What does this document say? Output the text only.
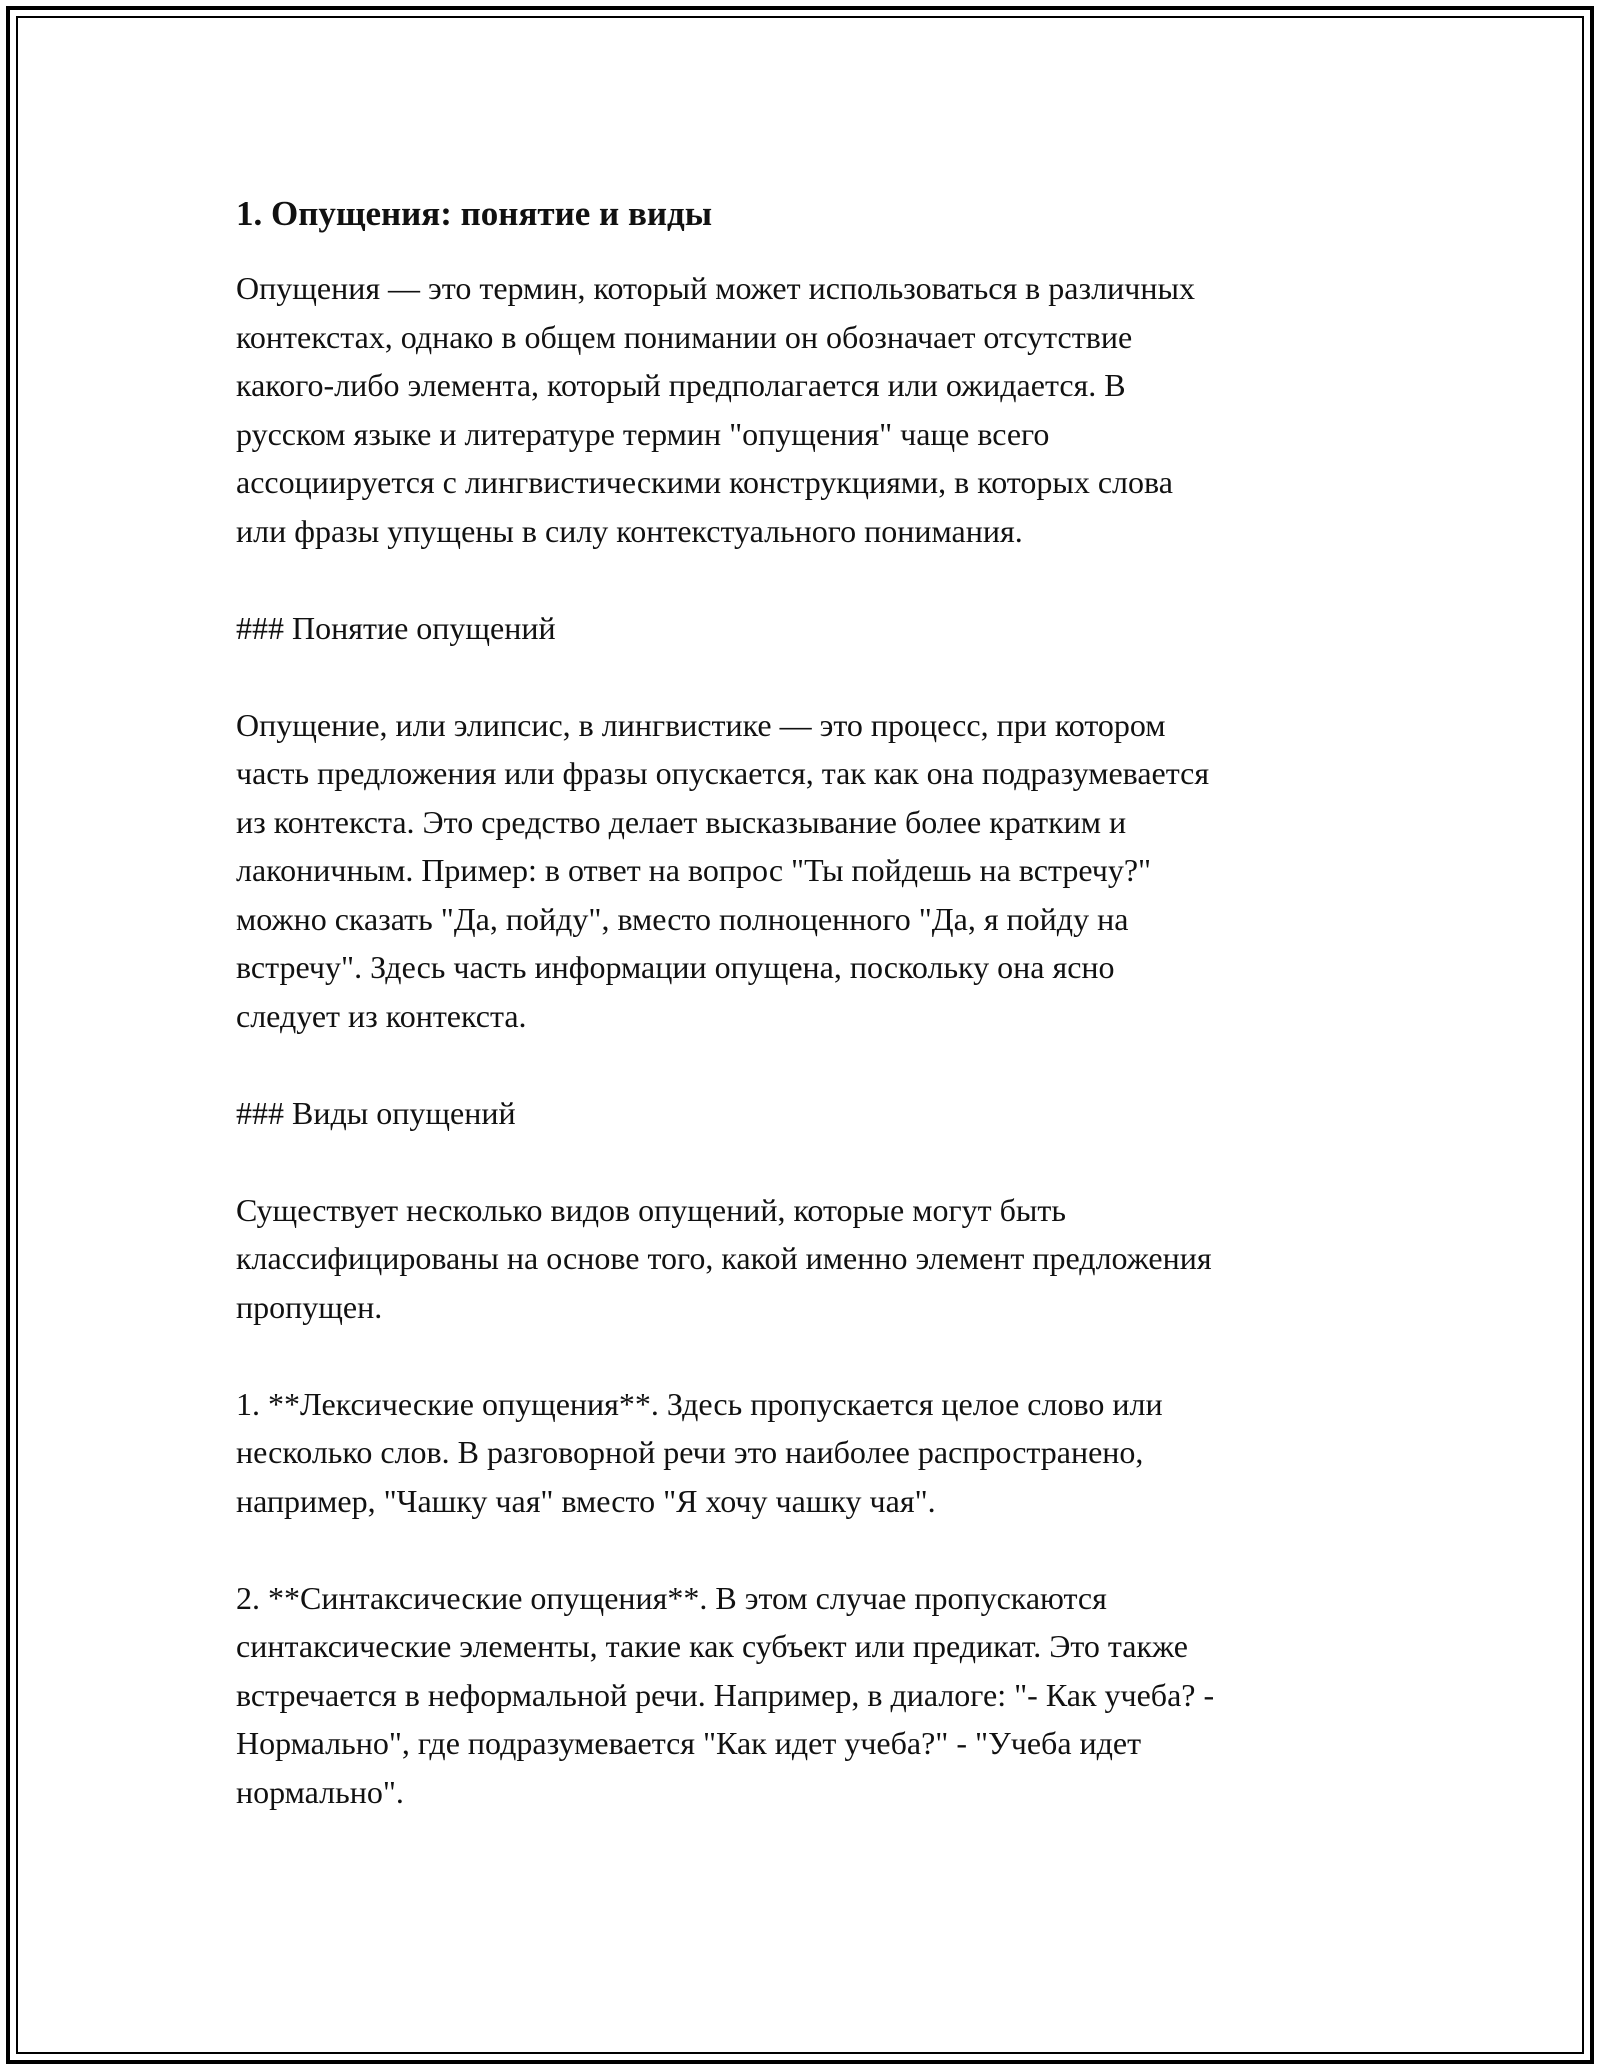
1. Опущения: понятие и виды

Опущения — это термин, который может использоваться в различных
контекстах, однако в общем понимании он обозначает отсутствие
какого-либо элемента, который предполагается или ожидается. В
русском языке и литературе термин "опущения" чаще всего
ассоциируется с лингвистическими конструкциями, в которых слова
или фразы упущены в силу контекстуального понимания.

### Понятие опущений

Опущение, или элипсис, в лингвистике — это процесс, при котором
часть предложения или фразы опускается, так как она подразумевается
из контекста. Это средство делает высказывание более кратким и
лаконичным. Пример: в ответ на вопрос "Ты пойдешь на встречу?"
можно сказать "Да, пойду", вместо полноценного "Да, я пойду на
встречу". Здесь часть информации опущена, поскольку она ясно
следует из контекста.

### Виды опущений

Существует несколько видов опущений, которые могут быть
классифицированы на основе того, какой именно элемент предложения
пропущен.

1. **Лексические опущения**. Здесь пропускается целое слово или
несколько слов. В разговорной речи это наиболее распространено,
например, "Чашку чая" вместо "Я хочу чашку чая".

2. **Синтаксические опущения**. В этом случае пропускаются
синтаксические элементы, такие как субъект или предикат. Это также
встречается в неформальной речи. Например, в диалоге: "- Как учеба? -
Нормально", где подразумевается "Как идет учеба?" - "Учеба идет
нормально".
